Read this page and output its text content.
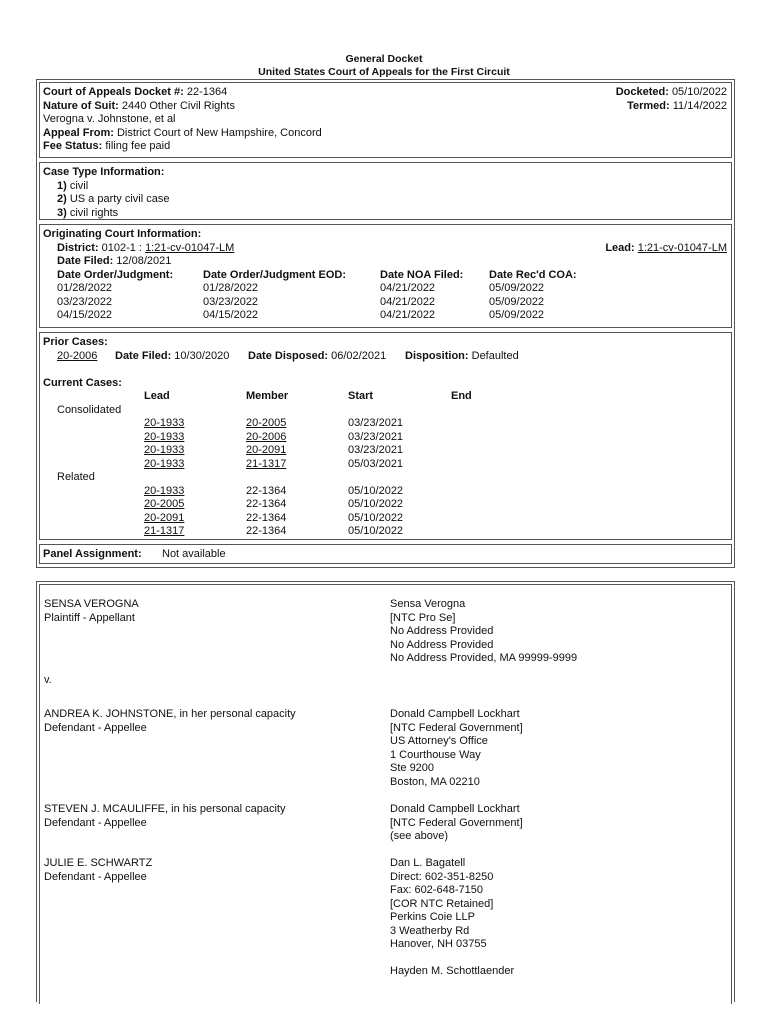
General Docket
United States Court of Appeals for the First Circuit
Court of Appeals Docket #: 22-1364
Nature of Suit: 2440 Other Civil Rights
Verogna v. Johnstone, et al
Appeal From: District Court of New Hampshire, Concord
Fee Status: filing fee paid
Docketed: 05/10/2022
Termed: 11/14/2022
Case Type Information:
1) civil
2) US a party civil case
3) civil rights
Originating Court Information:
District: 0102-1 : 1:21-cv-01047-LM	Lead: 1:21-cv-01047-LM
Date Filed: 12/08/2021
Date Order/Judgment:	Date Order/Judgment EOD:	Date NOA Filed: Date Rec'd COA:
01/28/2022	01/28/2022	04/21/2022	05/09/2022
03/23/2022	03/23/2022	04/21/2022	05/09/2022
04/15/2022	04/15/2022	04/21/2022	05/09/2022
Prior Cases:
20-2006 Date Filed: 10/30/2020 Date Disposed: 06/02/2021 Disposition: Defaulted
Current Cases:
Lead	Member	Start	End
Consolidated
20-1933	20-2005	03/23/2021
20-1933	20-2006	03/23/2021
20-1933	20-2091	03/23/2021
20-1933	21-1317	05/03/2021
Related
20-1933	22-1364	05/10/2022
20-2005	22-1364	05/10/2022
20-2091	22-1364	05/10/2022
21-1317	22-1364	05/10/2022
Panel Assignment: Not available
SENSA VEROGNA
Plaintiff - Appellant
Sensa Verogna
[NTC Pro Se]
No Address Provided
No Address Provided
No Address Provided, MA 99999-9999
v.
ANDREA K. JOHNSTONE, in her personal capacity
Defendant - Appellee
Donald Campbell Lockhart
[NTC Federal Government]
US Attorney's Office
1 Courthouse Way
Ste 9200
Boston, MA 02210
STEVEN J. MCAULIFFE, in his personal capacity
Defendant - Appellee
Donald Campbell Lockhart
[NTC Federal Government]
(see above)
JULIE E. SCHWARTZ
Defendant - Appellee
Dan L. Bagatell
Direct: 602-351-8250
Fax: 602-648-7150
[COR NTC Retained]
Perkins Coie LLP
3 Weatherby Rd
Hanover, NH 03755
Hayden M. Schottlaender
